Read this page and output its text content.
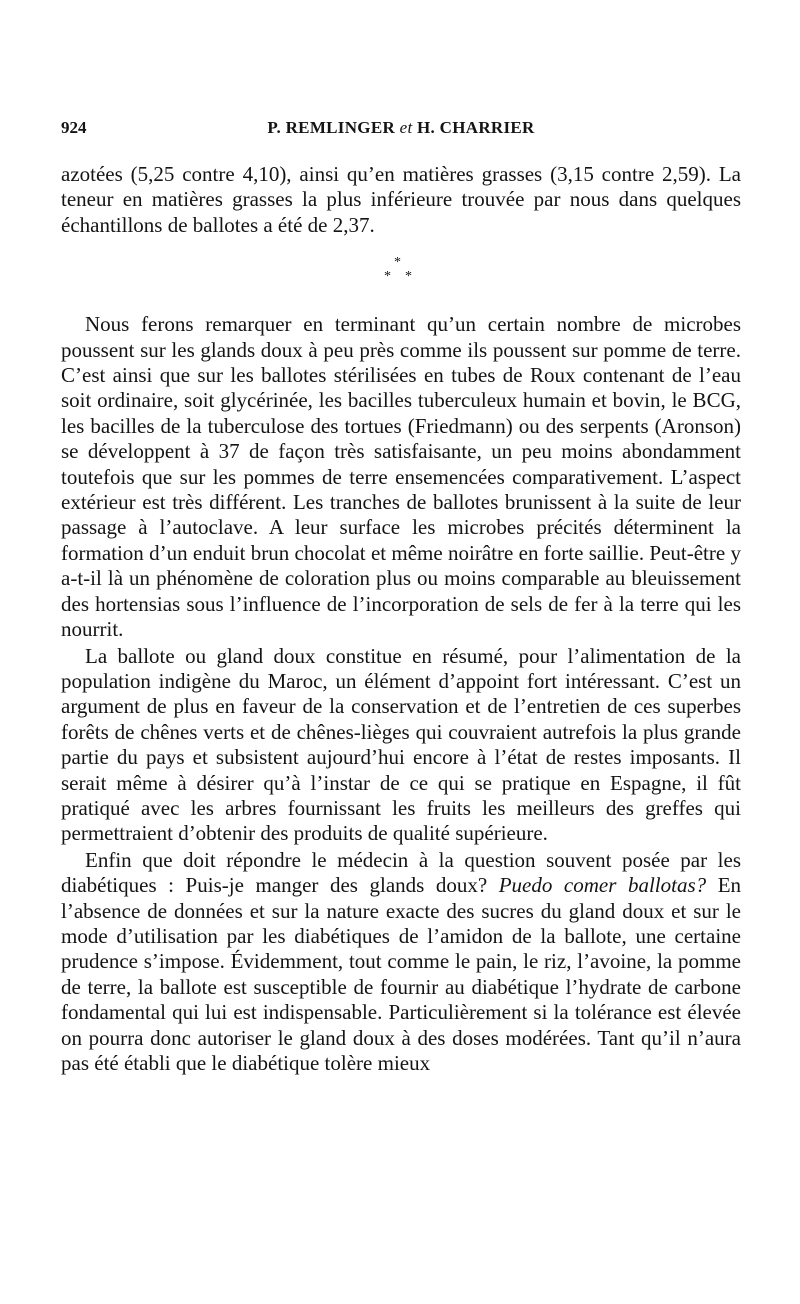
924	P. REMLINGER et H. CHARRIER

azotées (5,25 contre 4,10), ainsi qu’en matières grasses (3,15 contre 2,59). La teneur en matières grasses la plus inférieure trouvée par nous dans quelques échantillons de ballotes a été de 2,37.

*
* *

Nous ferons remarquer en terminant qu’un certain nombre de microbes poussent sur les glands doux à peu près comme ils poussent sur pomme de terre. C’est ainsi que sur les ballotes stérilisées en tubes de Roux contenant de l’eau soit ordinaire, soit glycérinée, les bacilles tuberculeux humain et bovin, le BCG, les bacilles de la tuberculose des tortues (Friedmann) ou des serpents (Aronson) se développent à 37 de façon très satisfaisante, un peu moins abondamment toutefois que sur les pommes de terre ensemencées comparativement. L’aspect extérieur est très différent. Les tranches de ballotes brunissent à la suite de leur passage à l’autoclave. A leur surface les microbes précités déterminent la formation d’un enduit brun chocolat et même noirâtre en forte saillie. Peut-être y a-t-il là un phénomène de coloration plus ou moins comparable au bleuissement des hortensias sous l’influence de l’incorporation de sels de fer à la terre qui les nourrit.

La ballote ou gland doux constitue en résumé, pour l’alimentation de la population indigène du Maroc, un élément d’appoint fort intéressant. C’est un argument de plus en faveur de la conservation et de l’entretien de ces superbes forêts de chênes verts et de chênes-lièges qui couvraient autrefois la plus grande partie du pays et subsistent aujourd’hui encore à l’état de restes imposants. Il serait même à désirer qu’à l’instar de ce qui se pratique en Espagne, il fût pratiqué avec les arbres fournissant les fruits les meilleurs des greffes qui permettraient d’obtenir des produits de qualité supérieure.

Enfin que doit répondre le médecin à la question souvent posée par les diabétiques : Puis-je manger des glands doux? Puedo comer ballotas? En l’absence de données et sur la nature exacte des sucres du gland doux et sur le mode d’utilisation par les diabétiques de l’amidon de la ballote, une certaine prudence s’impose. Évidemment, tout comme le pain, le riz, l’avoine, la pomme de terre, la ballote est susceptible de fournir au diabétique l’hydrate de carbone fondamental qui lui est indispensable. Particulièrement si la tolérance est élevée on pourra donc autoriser le gland doux à des doses modérées. Tant qu’il n’aura pas été établi que le diabétique tolère mieux
